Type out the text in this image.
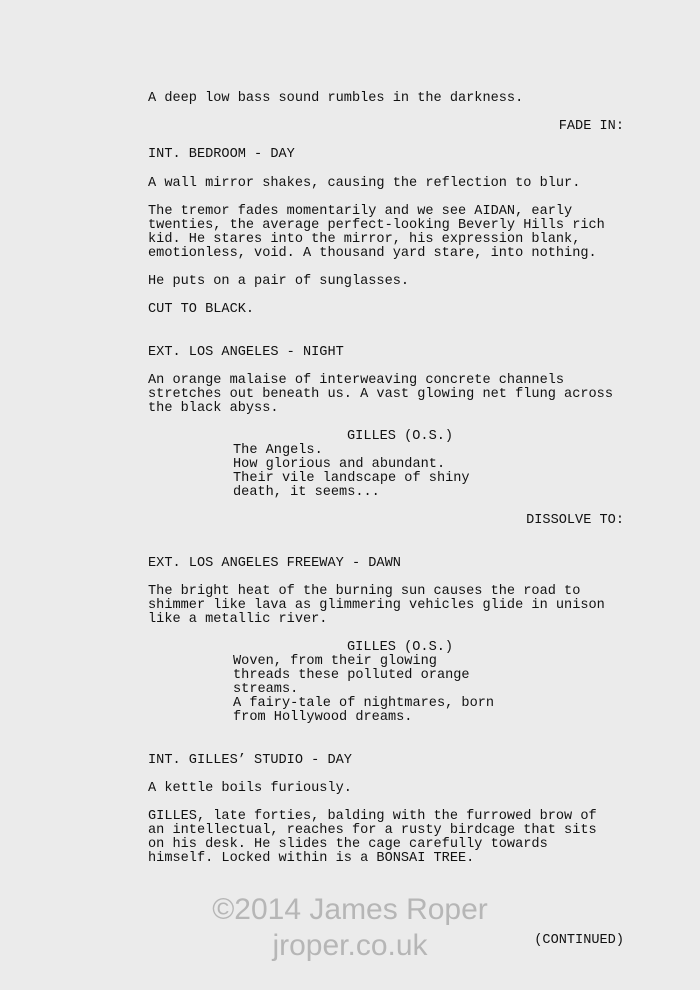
A deep low bass sound rumbles in the darkness.
FADE IN:
INT. BEDROOM - DAY
A wall mirror shakes, causing the reflection to blur.
The tremor fades momentarily and we see AIDAN, early
twenties, the average perfect-looking Beverly Hills rich
kid. He stares into the mirror, his expression blank,
emotionless, void. A thousand yard stare, into nothing.
He puts on a pair of sunglasses.
CUT TO BLACK.
EXT. LOS ANGELES - NIGHT
An orange malaise of interweaving concrete channels
stretches out beneath us. A vast glowing net flung across
the black abyss.
GILLES (O.S.)
The Angels.
How glorious and abundant.
Their vile landscape of shiny
death, it seems...
DISSOLVE TO:
EXT. LOS ANGELES FREEWAY - DAWN
The bright heat of the burning sun causes the road to
shimmer like lava as glimmering vehicles glide in unison
like a metallic river.
GILLES (O.S.)
Woven, from their glowing
threads these polluted orange
streams.
A fairy-tale of nightmares, born
from Hollywood dreams.
INT. GILLES’ STUDIO - DAY
A kettle boils furiously.
GILLES, late forties, balding with the furrowed brow of
an intellectual, reaches for a rusty birdcage that sits
on his desk. He slides the cage carefully towards
himself. Locked within is a BONSAI TREE.
©2014 James Roper
jroper.co.uk	(CONTINUED)
